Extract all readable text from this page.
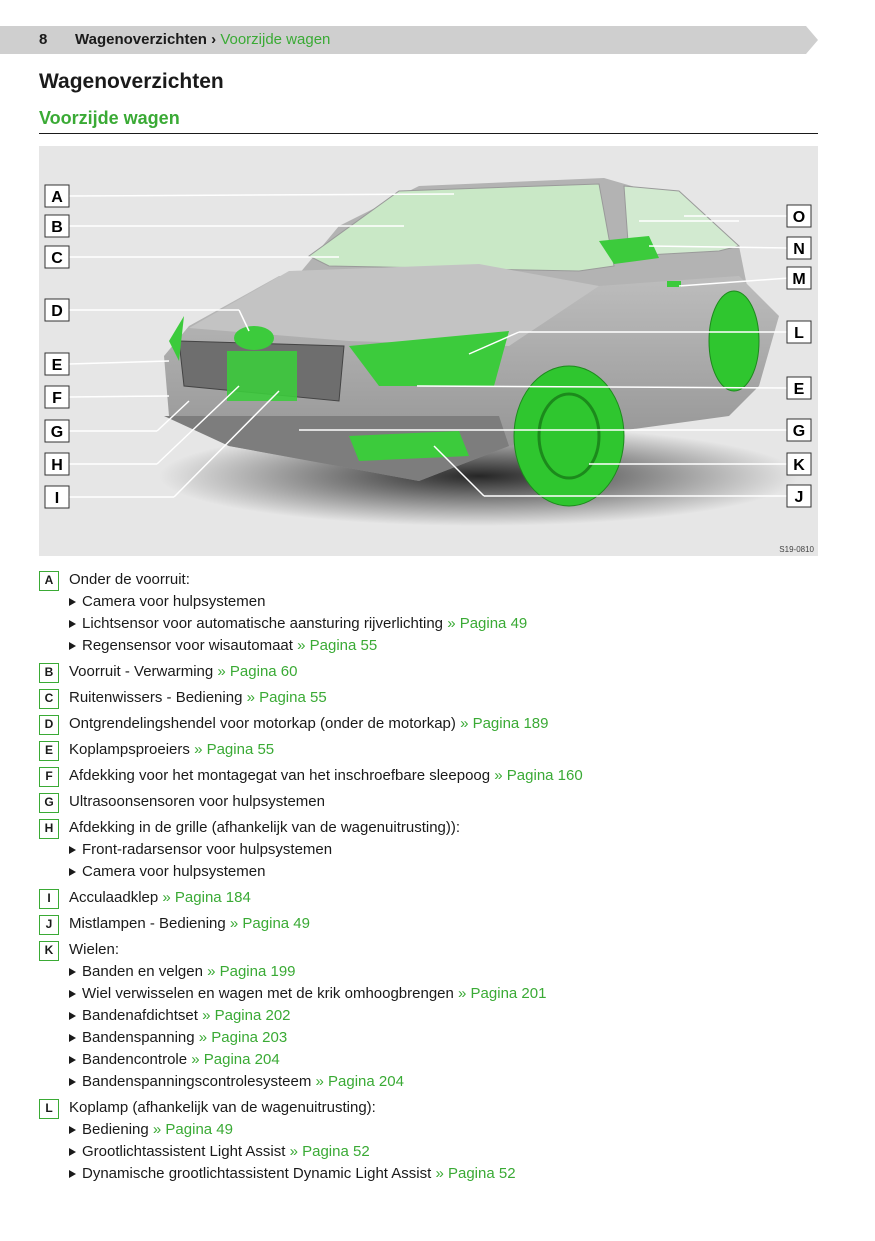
8 Wagenoverzichten › Voorzijde wagen
Wagenoverzichten
Voorzijde wagen
A
B
C
D
E
F
G
H
I
O
N
M
L
E
G
K
J
S19-0810
A	Onder de voorruit:
Camera voor hulpsystemen
Lichtsensor voor automatische aansturing rijverlichting » Pagina 49
Regensensor voor wisautomaat » Pagina 55
B	Voorruit - Verwarming » Pagina 60
C	Ruitenwissers - Bediening » Pagina 55
D	Ontgrendelingshendel voor motorkap (onder de motorkap) » Pagina 189
E	Koplampsproeiers » Pagina 55
F	Afdekking voor het montagegat van het inschroefbare sleepoog » Pagina 160
G	Ultrasoonsensoren voor hulpsystemen
H	Afdekking in de grille (afhankelijk van de wagenuitrusting)):
Front-radarsensor voor hulpsystemen
Camera voor hulpsystemen
I	Acculaadklep » Pagina 184
J	Mistlampen - Bediening » Pagina 49
K	Wielen:
Banden en velgen » Pagina 199
Wiel verwisselen en wagen met de krik omhoogbrengen » Pagina 201
Bandenafdichtset » Pagina 202
Bandenspanning » Pagina 203
Bandencontrole » Pagina 204
Bandenspanningscontrolesysteem » Pagina 204
L	Koplamp (afhankelijk van de wagenuitrusting):
Bediening » Pagina 49
Grootlichtassistent Light Assist » Pagina 52
Dynamische grootlichtassistent Dynamic Light Assist » Pagina 52
